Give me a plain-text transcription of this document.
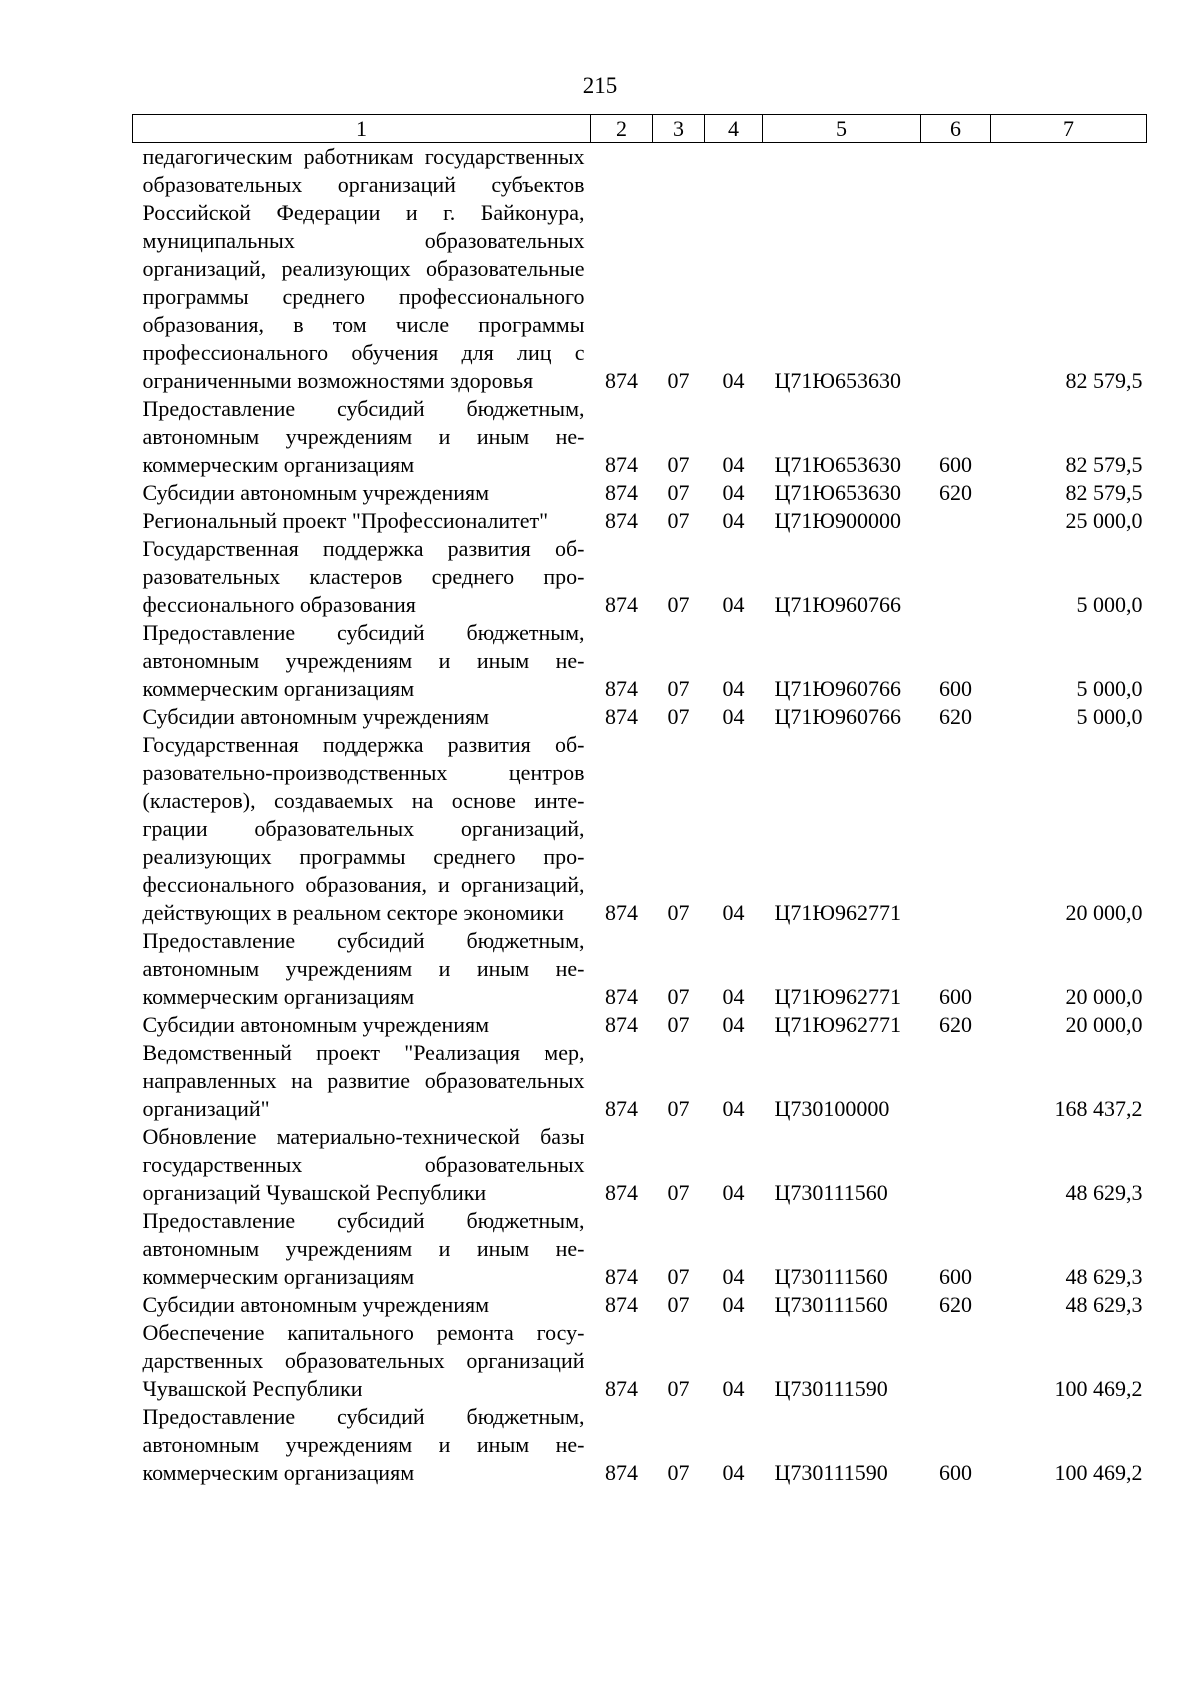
215
1	2	3	4	5	6	7
педагогическим работникам государственных образовательных организаций субъектов Российской Федерации и г. Байконура, муниципальных образовательных организаций, реализующих образовательные программы среднего профессионального образования, в том числе программы профессионального обучения для лиц с ограниченными возможностями здоровья	874	07	04	Ц71Ю653630		82 579,5
Предоставление субсидий бюджетным, автономным учреждениям и иным некоммерческим организациям	874	07	04	Ц71Ю653630	600	82 579,5
Субсидии автономным учреждениям	874	07	04	Ц71Ю653630	620	82 579,5
Региональный проект "Профессионалитет"	874	07	04	Ц71Ю900000		25 000,0
Государственная поддержка развития образовательных кластеров среднего профессионального образования	874	07	04	Ц71Ю960766		5 000,0
Предоставление субсидий бюджетным, автономным учреждениям и иным некоммерческим организациям	874	07	04	Ц71Ю960766	600	5 000,0
Субсидии автономным учреждениям	874	07	04	Ц71Ю960766	620	5 000,0
Государственная поддержка развития образовательно-производственных центров (кластеров), создаваемых на основе интеграции образовательных организаций, реализующих программы среднего профессионального образования, и организаций, действующих в реальном секторе экономики	874	07	04	Ц71Ю962771		20 000,0
Предоставление субсидий бюджетным, автономным учреждениям и иным некоммерческим организациям	874	07	04	Ц71Ю962771	600	20 000,0
Субсидии автономным учреждениям	874	07	04	Ц71Ю962771	620	20 000,0
Ведомственный проект "Реализация мер, направленных на развитие образовательных организаций"	874	07	04	Ц730100000		168 437,2
Обновление материально-технической базы государственных образовательных организаций Чувашской Республики	874	07	04	Ц730111560		48 629,3
Предоставление субсидий бюджетным, автономным учреждениям и иным некоммерческим организациям	874	07	04	Ц730111560	600	48 629,3
Субсидии автономным учреждениям	874	07	04	Ц730111560	620	48 629,3
Обеспечение капитального ремонта государственных образовательных организаций Чувашской Республики	874	07	04	Ц730111590		100 469,2
Предоставление субсидий бюджетным, автономным учреждениям и иным некоммерческим организациям	874	07	04	Ц730111590	600	100 469,2
